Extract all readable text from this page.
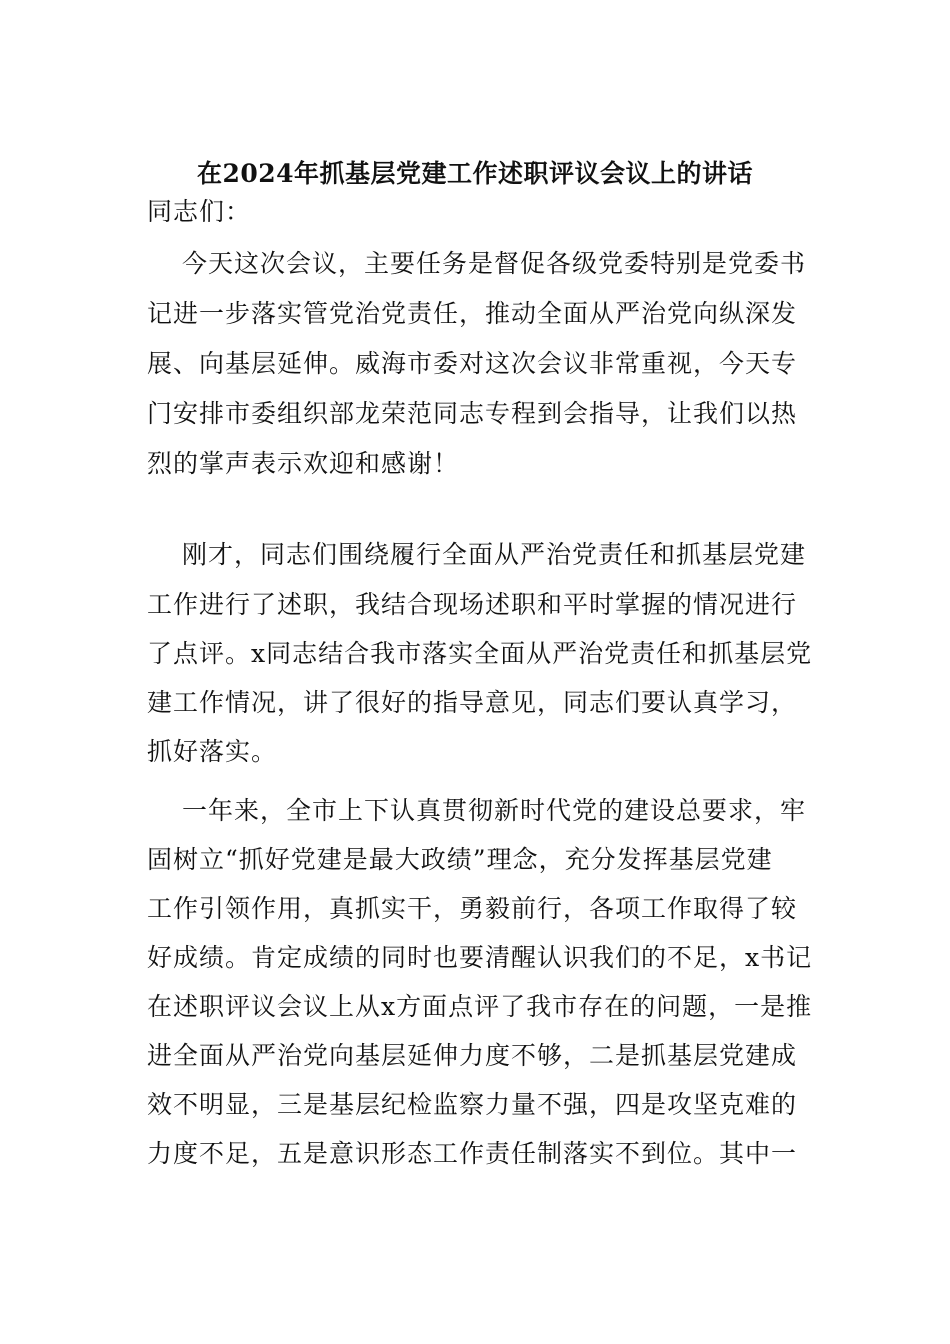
在2024年抓基层党建工作述职评议会议上的讲话
同志们：
今天这次会议，主要任务是督促各级党委特别是党委书
记进一步落实管党治党责任，推动全面从严治党向纵深发
展、向基层延伸。威海市委对这次会议非常重视，今天专
门安排市委组织部龙荣范同志专程到会指导，让我们以热
烈的掌声表示欢迎和感谢！
刚才，同志们围绕履行全面从严治党责任和抓基层党建
工作进行了述职，我结合现场述职和平时掌握的情况进行
了点评。x同志结合我市落实全面从严治党责任和抓基层党
建工作情况，讲了很好的指导意见，同志们要认真学习，
抓好落实。
一年来，全市上下认真贯彻新时代党的建设总要求，牢
固树立“抓好党建是最大政绩”理念，充分发挥基层党建
工作引领作用，真抓实干，勇毅前行，各项工作取得了较
好成绩。肯定成绩的同时也要清醒认识我们的不足，x书记
在述职评议会议上从x方面点评了我市存在的问题，一是推
进全面从严治党向基层延伸力度不够，二是抓基层党建成
效不明显，三是基层纪检监察力量不强，四是攻坚克难的
力度不足，五是意识形态工作责任制落实不到位。其中一
